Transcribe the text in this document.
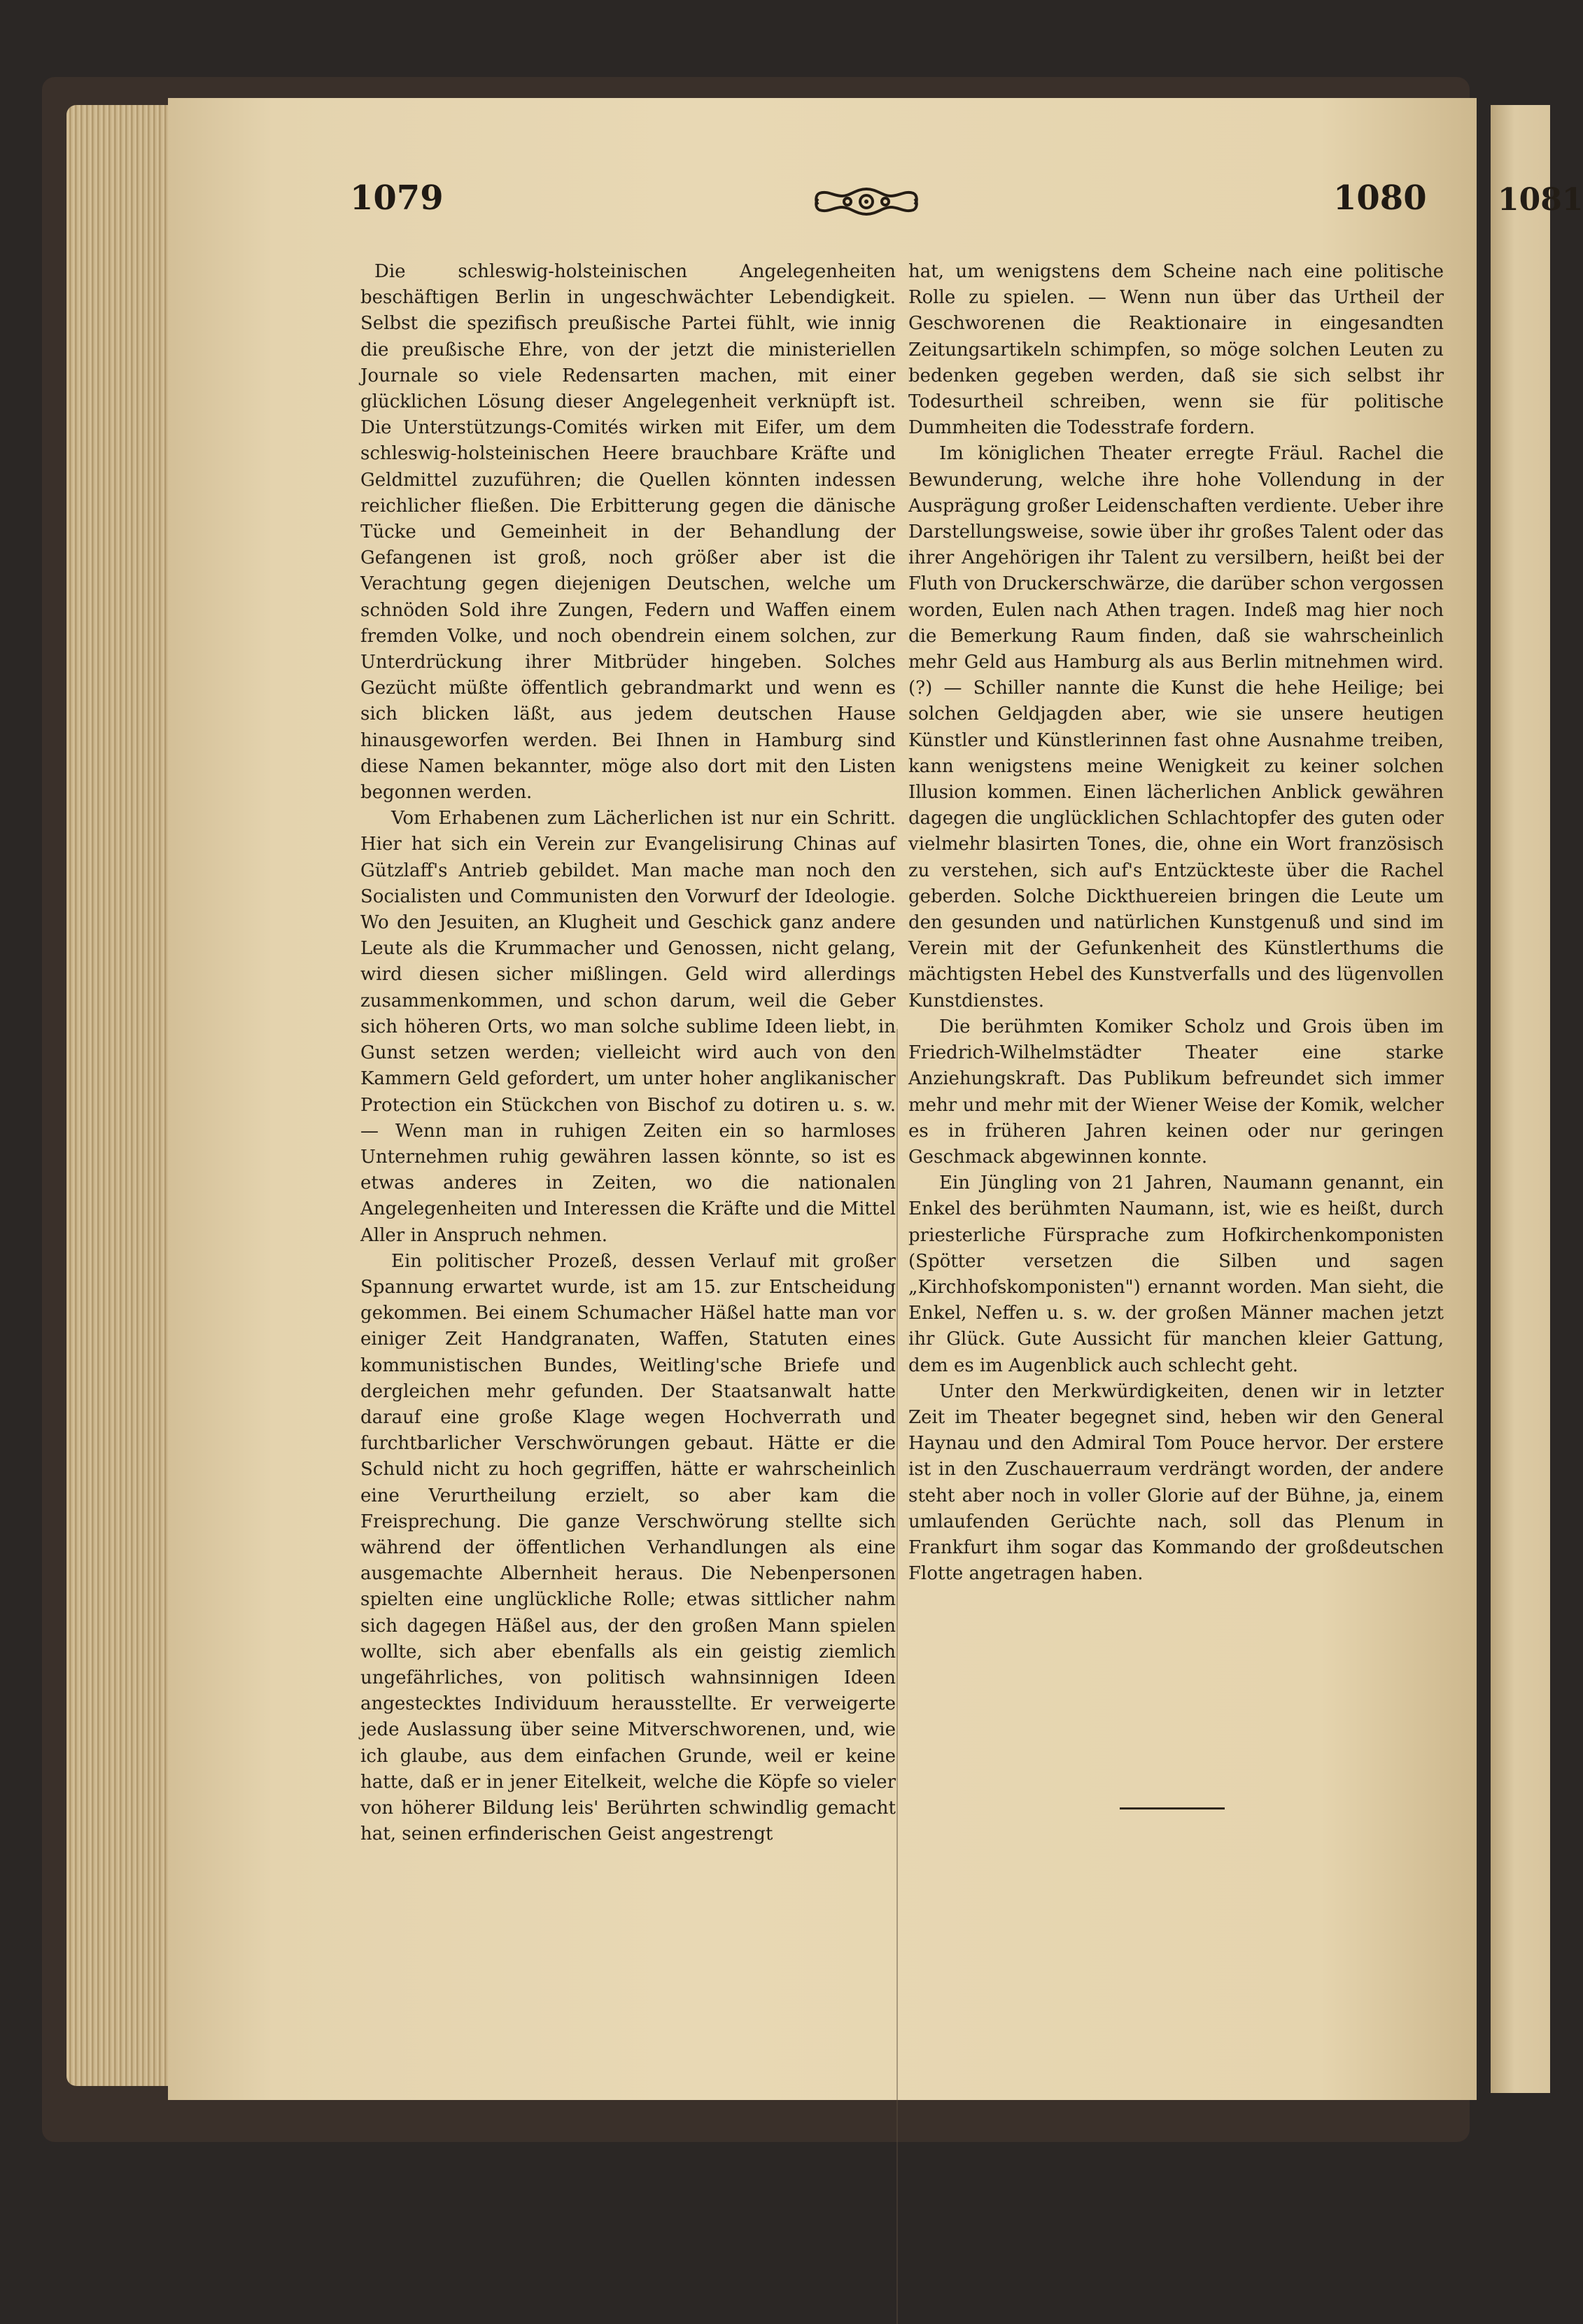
1081
1079	1080

Die schleswig-holsteinischen Angelegenheiten beschäftigen Berlin in ungeschwächter Lebendigkeit. Selbst die spezifisch preußische Partei fühlt, wie innig die preußische Ehre, von der jetzt die ministeriellen Journale so viele Redensarten machen, mit einer glücklichen Lösung dieser Angelegenheit verknüpft ist. Die Unterstützungs-Comités wirken mit Eifer, um dem schleswig-holsteinischen Heere brauchbare Kräfte und Geldmittel zuzuführen; die Quellen könnten indessen reichlicher fließen. Die Erbitterung gegen die dänische Tücke und Gemeinheit in der Behandlung der Gefangenen ist groß, noch größer aber ist die Verachtung gegen diejenigen Deutschen, welche um schnöden Sold ihre Zungen, Federn und Waffen einem fremden Volke, und noch obendrein einem solchen, zur Unterdrückung ihrer Mitbrüder hingeben. Solches Gezücht müßte öffentlich gebrandmarkt und wenn es sich blicken läßt, aus jedem deutschen Hause hinausgeworfen werden. Bei Ihnen in Hamburg sind diese Namen bekannter, möge also dort mit den Listen begonnen werden.

Vom Erhabenen zum Lächerlichen ist nur ein Schritt. Hier hat sich ein Verein zur Evangelisirung Chinas auf Gützlaff's Antrieb gebildet. Man mache man noch den Socialisten und Communisten den Vorwurf der Ideologie. Wo den Jesuiten, an Klugheit und Geschick ganz andere Leute als die Krummacher und Genossen, nicht gelang, wird diesen sicher mißlingen. Geld wird allerdings zusammenkommen, und schon darum, weil die Geber sich höheren Orts, wo man solche sublime Ideen liebt, in Gunst setzen werden; vielleicht wird auch von den Kammern Geld gefordert, um unter hoher anglikanischer Protection ein Stückchen von Bischof zu dotiren u. s. w. — Wenn man in ruhigen Zeiten ein so harmloses Unternehmen ruhig gewähren lassen könnte, so ist es etwas anderes in Zeiten, wo die nationalen Angelegenheiten und Interessen die Kräfte und die Mittel Aller in Anspruch nehmen.

Ein politischer Prozeß, dessen Verlauf mit großer Spannung erwartet wurde, ist am 15. zur Entscheidung gekommen. Bei einem Schumacher Häßel hatte man vor einiger Zeit Handgranaten, Waffen, Statuten eines kommunistischen Bundes, Weitling'sche Briefe und dergleichen mehr gefunden. Der Staatsanwalt hatte darauf eine große Klage wegen Hochverrath und furchtbarlicher Verschwörungen gebaut. Hätte er die Schuld nicht zu hoch gegriffen, hätte er wahrscheinlich eine Verurtheilung erzielt, so aber kam die Freisprechung. Die ganze Verschwörung stellte sich während der öffentlichen Verhandlungen als eine ausgemachte Albernheit heraus. Die Nebenpersonen spielten eine unglückliche Rolle; etwas sittlicher nahm sich dagegen Häßel aus, der den großen Mann spielen wollte, sich aber ebenfalls als ein geistig ziemlich ungefährliches, von politisch wahnsinnigen Ideen angestecktes Individuum herausstellte. Er verweigerte jede Auslassung über seine Mitverschworenen, und, wie ich glaube, aus dem einfachen Grunde, weil er keine hatte, daß er in jener Eitelkeit, welche die Köpfe so vieler von höherer Bildung leis' Berührten schwindlig gemacht hat, seinen erfinderischen Geist angestrengt

hat, um wenigstens dem Scheine nach eine politische Rolle zu spielen. — Wenn nun über das Urtheil der Geschworenen die Reaktionaire in eingesandten Zeitungsartikeln schimpfen, so möge solchen Leuten zu bedenken gegeben werden, daß sie sich selbst ihr Todesurtheil schreiben, wenn sie für politische Dummheiten die Todesstrafe fordern.

Im königlichen Theater erregte Fräul. Rachel die Bewunderung, welche ihre hohe Vollendung in der Ausprägung großer Leidenschaften verdiente. Ueber ihre Darstellungsweise, sowie über ihr großes Talent oder das ihrer Angehörigen ihr Talent zu versilbern, heißt bei der Fluth von Druckerschwärze, die darüber schon vergossen worden, Eulen nach Athen tragen. Indeß mag hier noch die Bemerkung Raum finden, daß sie wahrscheinlich mehr Geld aus Hamburg als aus Berlin mitnehmen wird. (?) — Schiller nannte die Kunst die hehe Heilige; bei solchen Geldjagden aber, wie sie unsere heutigen Künstler und Künstlerinnen fast ohne Ausnahme treiben, kann wenigstens meine Wenigkeit zu keiner solchen Illusion kommen. Einen lächerlichen Anblick gewähren dagegen die unglücklichen Schlachtopfer des guten oder vielmehr blasirten Tones, die, ohne ein Wort französisch zu verstehen, sich auf's Entzückteste über die Rachel geberden. Solche Dickthuereien bringen die Leute um den gesunden und natürlichen Kunstgenuß und sind im Verein mit der Gefunkenheit des Künstlerthums die mächtigsten Hebel des Kunstverfalls und des lügenvollen Kunstdienstes.

Die berühmten Komiker Scholz und Grois üben im Friedrich-Wilhelmstädter Theater eine starke Anziehungskraft. Das Publikum befreundet sich immer mehr und mehr mit der Wiener Weise der Komik, welcher es in früheren Jahren keinen oder nur geringen Geschmack abgewinnen konnte.

Ein Jüngling von 21 Jahren, Naumann genannt, ein Enkel des berühmten Naumann, ist, wie es heißt, durch priesterliche Fürsprache zum Hofkirchenkomponisten (Spötter versetzen die Silben und sagen „Kirchhofskomponisten") ernannt worden. Man sieht, die Enkel, Neffen u. s. w. der großen Männer machen jetzt ihr Glück. Gute Aussicht für manchen kleier Gattung, dem es im Augenblick auch schlecht geht.

Unter den Merkwürdigkeiten, denen wir in letzter Zeit im Theater begegnet sind, heben wir den General Haynau und den Admiral Tom Pouce hervor. Der erstere ist in den Zuschauerraum verdrängt worden, der andere steht aber noch in voller Glorie auf der Bühne, ja, einem umlaufenden Gerüchte nach, soll das Plenum in Frankfurt ihm sogar das Kommando der großdeutschen Flotte angetragen haben.
